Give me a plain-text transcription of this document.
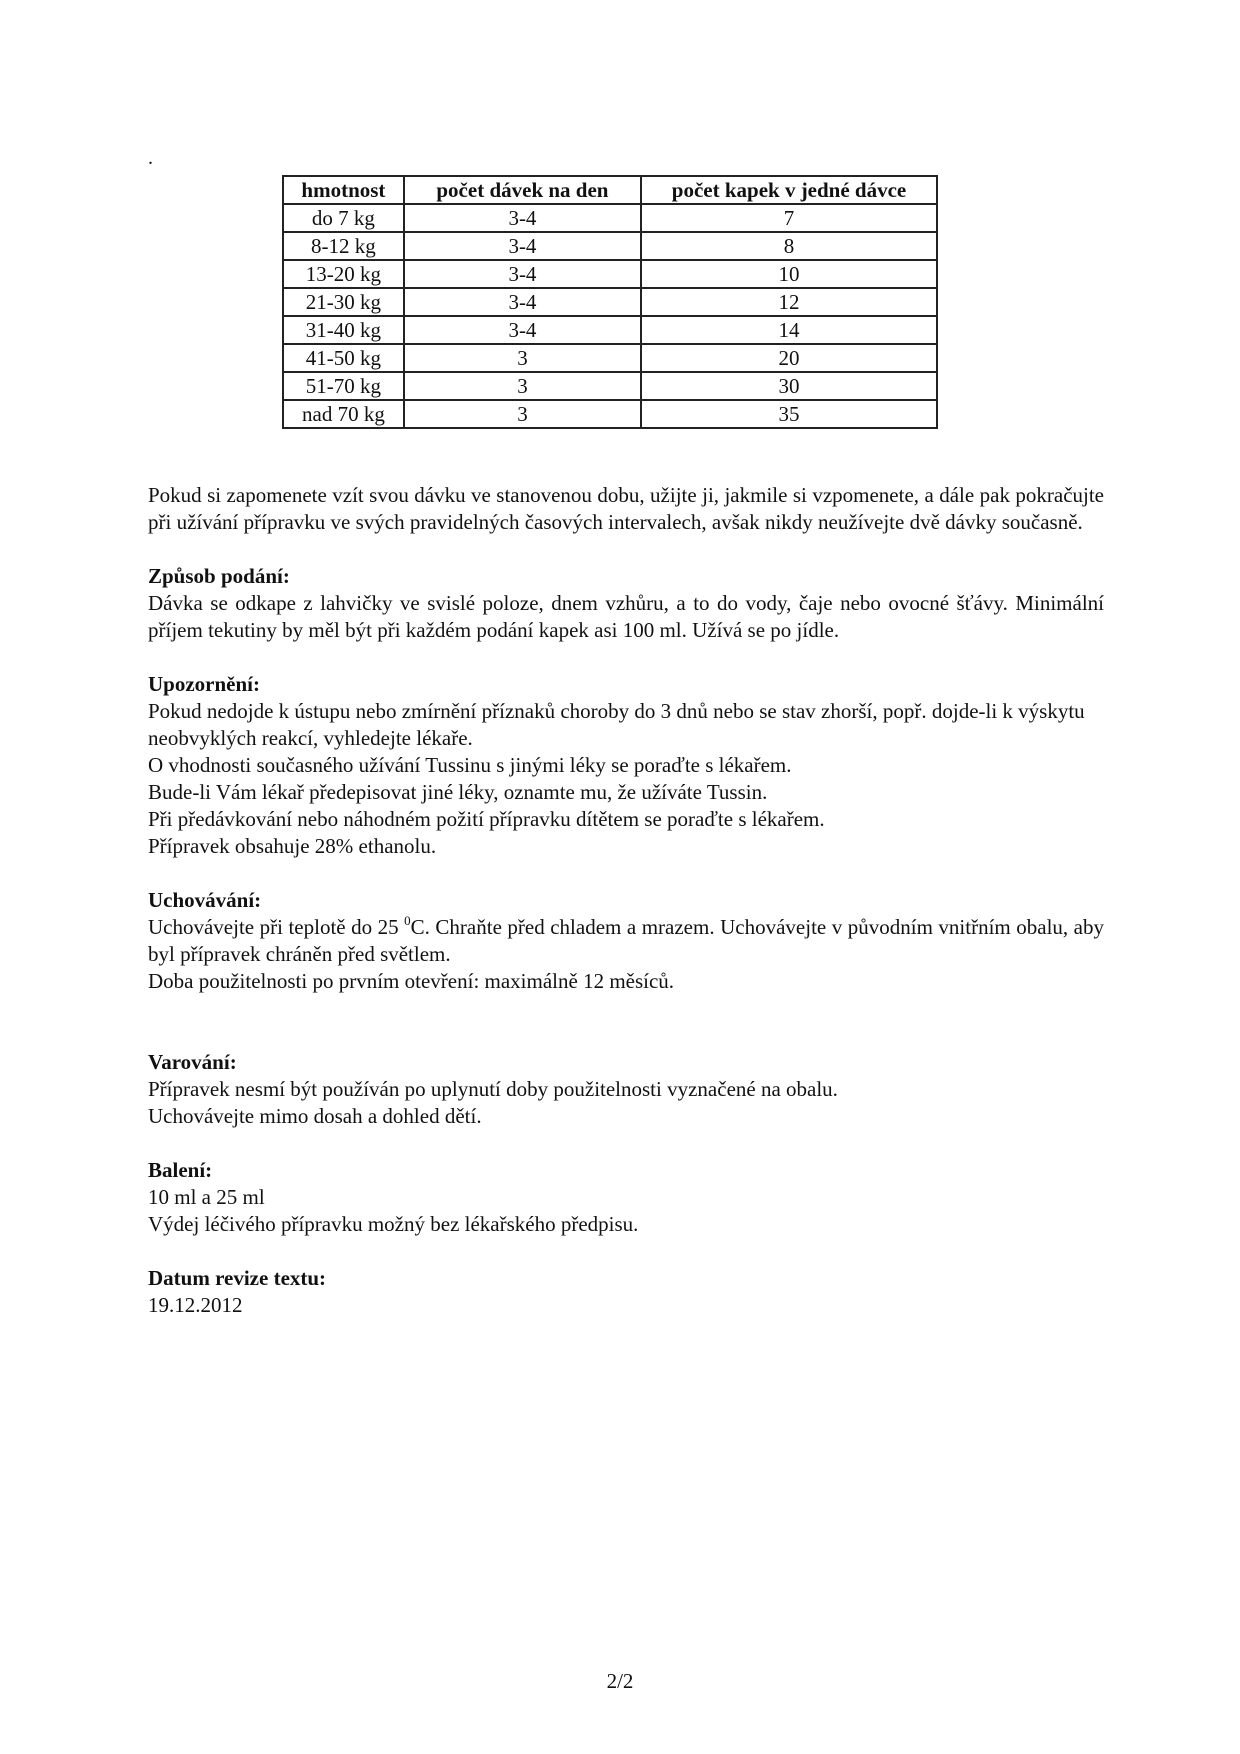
.
hmotnost	počet dávek na den	počet kapek v jedné dávce
do 7 kg	3-4	7
8-12 kg	3-4	8
13-20 kg	3-4	10
21-30 kg	3-4	12
31-40 kg	3-4	14
41-50 kg	3	20
51-70 kg	3	30
nad 70 kg	3	35

Pokud si zapomenete vzít svou dávku ve stanovenou dobu, užijte ji, jakmile si vzpomenete, a dále pak pokračujte při užívání přípravku ve svých pravidelných časových intervalech, avšak nikdy neužívejte dvě dávky současně.

Způsob podání:

Dávka se odkape z lahvičky ve svislé poloze, dnem vzhůru, a to do vody, čaje nebo ovocné šťávy. Minimální příjem tekutiny by měl být při každém podání kapek asi 100 ml. Užívá se po jídle.

Upozornění:

Pokud nedojde k ústupu nebo zmírnění příznaků choroby do 3 dnů nebo se stav zhorší, popř. dojde-li k výskytu neobvyklých reakcí, vyhledejte lékaře.

O vhodnosti současného užívání Tussinu s jinými léky se poraďte s lékařem.

Bude-li Vám lékař předepisovat jiné léky, oznamte mu, že užíváte Tussin.

Při předávkování nebo náhodném požití přípravku dítětem se poraďte s lékařem.

Přípravek obsahuje 28% ethanolu.

Uchovávání:

Uchovávejte při teplotě do 25 $^0$C. Chraňte před chladem a mrazem. Uchovávejte v původním vnitřním obalu, aby byl přípravek chráněn před světlem.

Doba použitelnosti po prvním otevření: maximálně 12 měsíců.

Varování:

Přípravek nesmí být používán po uplynutí doby použitelnosti vyznačené na obalu.

Uchovávejte mimo dosah a dohled dětí.

Balení:

10 ml a 25 ml

Výdej léčivého přípravku možný bez lékařského předpisu.

Datum revize textu:

19.12.2012

2/2
